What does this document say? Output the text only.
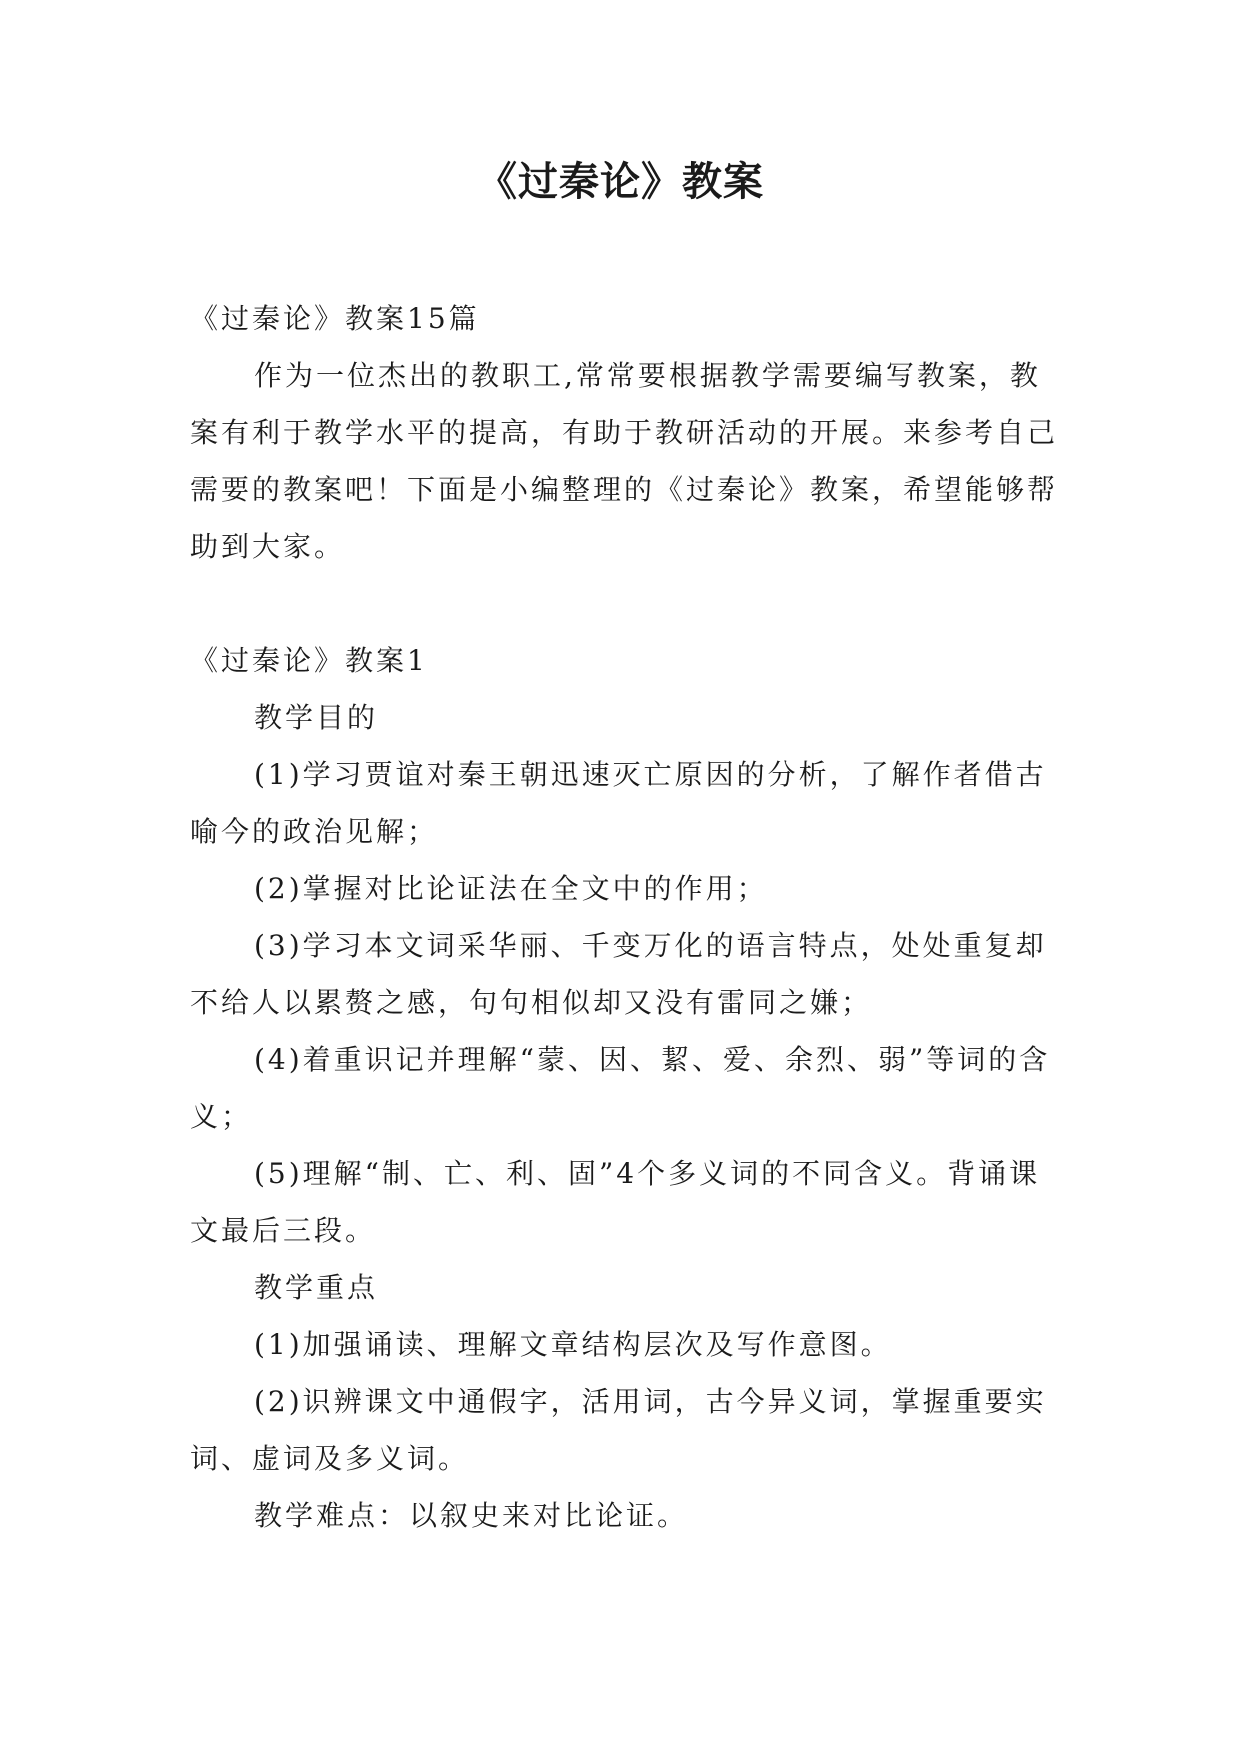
《过秦论》教案

《过秦论》教案15篇

作为一位杰出的教职工,常常要根据教学需要编写教案，教案有利于教学水平的提高，有助于教研活动的开展。来参考自己需要的教案吧！下面是小编整理的《过秦论》教案，希望能够帮助到大家。

《过秦论》教案1

教学目的

(1)学习贾谊对秦王朝迅速灭亡原因的分析，了解作者借古喻今的政治见解；

(2)掌握对比论证法在全文中的作用；

(3)学习本文词采华丽、千变万化的语言特点，处处重复却不给人以累赘之感，句句相似却又没有雷同之嫌；

(4)着重识记并理解“蒙、因、絜、爱、余烈、弱”等词的含义；

(5)理解“制、亡、利、固”4个多义词的不同含义。背诵课文最后三段。

教学重点

(1)加强诵读、理解文章结构层次及写作意图。

(2)识辨课文中通假字，活用词，古今异义词，掌握重要实词、虚词及多义词。

教学难点：以叙史来对比论证。
